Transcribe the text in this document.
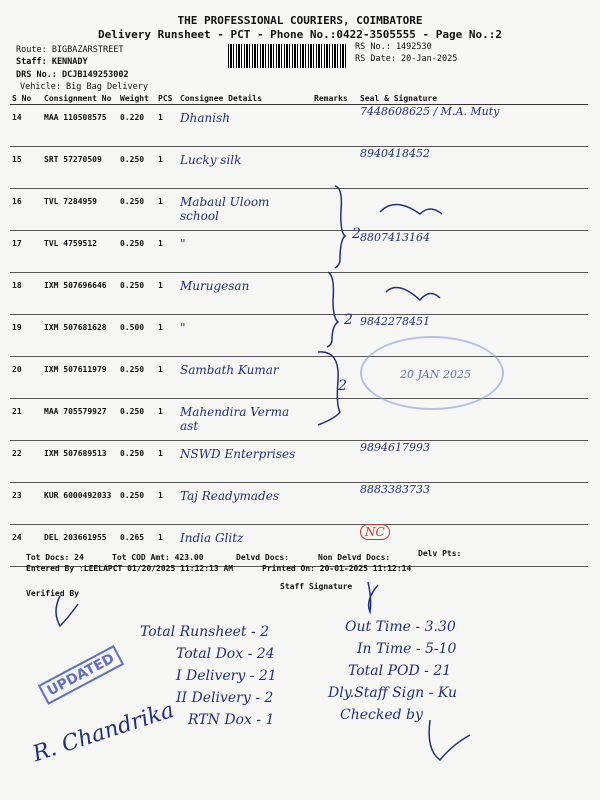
THE PROFESSIONAL COURIERS, COIMBATORE
Delivery Runsheet - PCT - Phone No.:0422-3505555 - Page No.:2
Route: BIGBAZARSTREET
Staff: KENNADY
DRS No.: DCJB149253002
Vehicle: Big Bag Delivery
RS No.: 1492530
RS Date: 20-Jan-2025
S No	Consignment No	Weight	PCS	Consignee Details	Remarks	Seal & Signature

14	MAA 110508575	0.220	1	Dhanish		7448608625 / M.A. Muty

15	SRT 57270509	0.250	1	Lucky silk		8940418452

16	TVL 7284959	0.250	1	Mabaul Uloom school		

17	TVL 4759512	0.250	1	"		8807413164

18	IXM 507696646	0.250	1	Murugesan		

19	IXM 507681628	0.500	1	"		9842278451

20	IXM 507611979	0.250	1	Sambath Kumar		

21	MAA 705579927	0.250	1	Mahendira Verma ast		

22	IXM 507689513	0.250	1	NSWD Enterprises		9894617993

23	KUR 6000492033	0.250	1	Taj Readymades		8883383733

24	DEL 203661955	0.265	1	India Glitz		NC
2
2
2
20 JAN 2025
Tot Docs: 24	Tot COD Amt: 423.00	Delvd Docs:	Non Delvd Docs:	Delv Pts:
Entered By :LEELAPCT 01/20/2025 11:12:13 AM	Printed On: 20-01-2025 11:12:14
Verified By
Staff Signature
Total Runsheet - 2
Total Dox - 24
I Delivery - 21
II Delivery - 2
RTN Dox - 1
Out Time - 3.30
In Time - 5-10
Total POD - 21
Dly.Staff Sign - Ku
Checked by
UPDATED
R. Chandrika
